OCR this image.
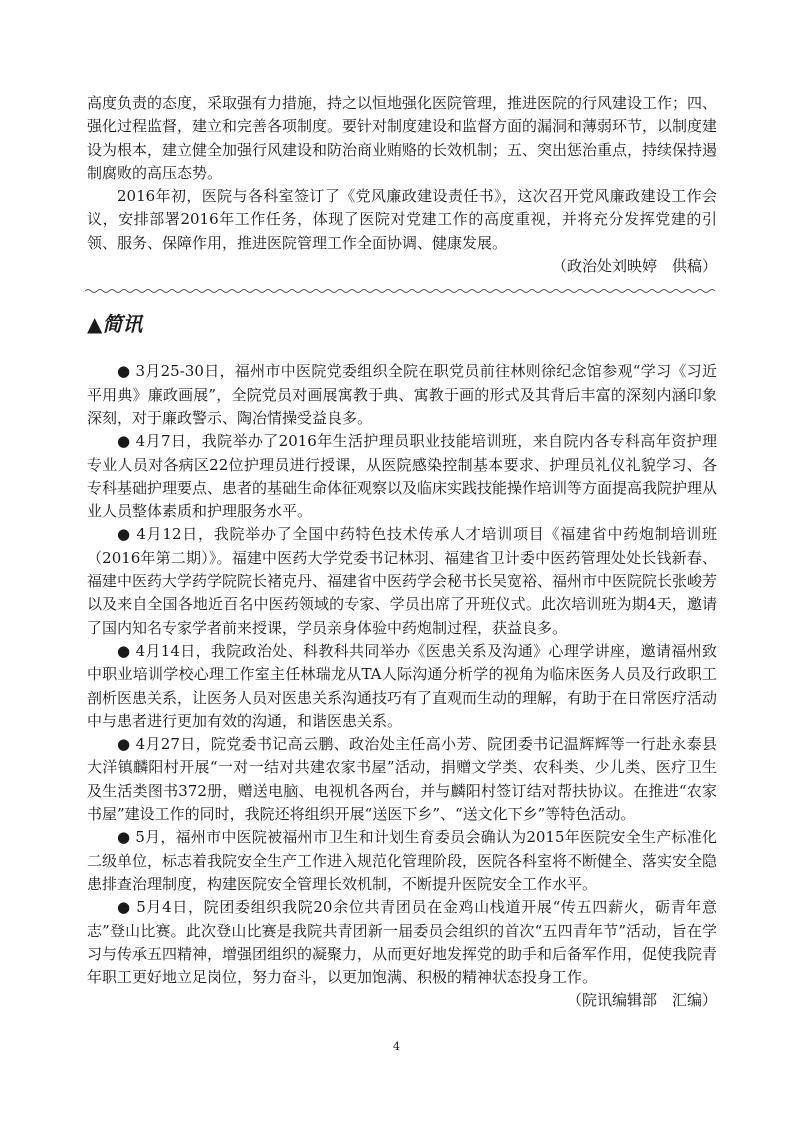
高度负责的态度，采取强有力措施，持之以恒地强化医院管理，推进医院的行风建设工作；四、强化过程监督，建立和完善各项制度。要针对制度建设和监督方面的漏洞和薄弱环节，以制度建设为根本，建立健全加强行风建设和防治商业贿赂的长效机制；五、突出惩治重点，持续保持遏制腐败的高压态势。

2016年初，医院与各科室签订了《党风廉政建设责任书》，这次召开党风廉政建设工作会议，安排部署2016年工作任务，体现了医院对党建工作的高度重视，并将充分发挥党建的引领、服务、保障作用，推进医院管理工作全面协调、健康发展。

（政治处刘映婷　供稿）

▲简讯

● 3月25-30日，福州市中医院党委组织全院在职党员前往林则徐纪念馆参观“学习《习近平用典》廉政画展”，全院党员对画展寓教于典、寓教于画的形式及其背后丰富的深刻内涵印象深刻，对于廉政警示、陶冶情操受益良多。

● 4月7日，我院举办了2016年生活护理员职业技能培训班，来自院内各专科高年资护理专业人员对各病区22位护理员进行授课，从医院感染控制基本要求、护理员礼仪礼貌学习、各专科基础护理要点、患者的基础生命体征观察以及临床实践技能操作培训等方面提高我院护理从业人员整体素质和护理服务水平。

● 4月12日，我院举办了全国中药特色技术传承人才培训项目《福建省中药炮制培训班（2016年第二期）》。福建中医药大学党委书记林羽、福建省卫计委中医药管理处处长钱新春、福建中医药大学药学院院长褚克丹、福建省中医药学会秘书长吴宽裕、福州市中医院院长张峻芳以及来自全国各地近百名中医药领域的专家、学员出席了开班仪式。此次培训班为期4天，邀请了国内知名专家学者前来授课，学员亲身体验中药炮制过程，获益良多。

● 4月14日，我院政治处、科教科共同举办《医患关系及沟通》心理学讲座，邀请福州致中职业培训学校心理工作室主任林瑞龙从TA人际沟通分析学的视角为临床医务人员及行政职工剖析医患关系，让医务人员对医患关系沟通技巧有了直观而生动的理解，有助于在日常医疗活动中与患者进行更加有效的沟通，和谐医患关系。

● 4月27日，院党委书记高云鹏、政治处主任高小芳、院团委书记温辉辉等一行赴永泰县大洋镇麟阳村开展“一对一结对共建农家书屋”活动，捐赠文学类、农科类、少儿类、医疗卫生及生活类图书372册，赠送电脑、电视机各两台，并与麟阳村签订结对帮扶协议。在推进“农家书屋”建设工作的同时，我院还将组织开展“送医下乡”、“送文化下乡”等特色活动。

● 5月，福州市中医院被福州市卫生和计划生育委员会确认为2015年医院安全生产标准化二级单位，标志着我院安全生产工作进入规范化管理阶段，医院各科室将不断健全、落实安全隐患排查治理制度，构建医院安全管理长效机制，不断提升医院安全工作水平。

● 5月4日，院团委组织我院20余位共青团员在金鸡山栈道开展“传五四薪火，砺青年意志”登山比赛。此次登山比赛是我院共青团新一届委员会组织的首次“五四青年节”活动，旨在学习与传承五四精神，增强团组织的凝聚力，从而更好地发挥党的助手和后备军作用，促使我院青年职工更好地立足岗位，努力奋斗，以更加饱满、积极的精神状态投身工作。

（院讯编辑部　汇编）

4
